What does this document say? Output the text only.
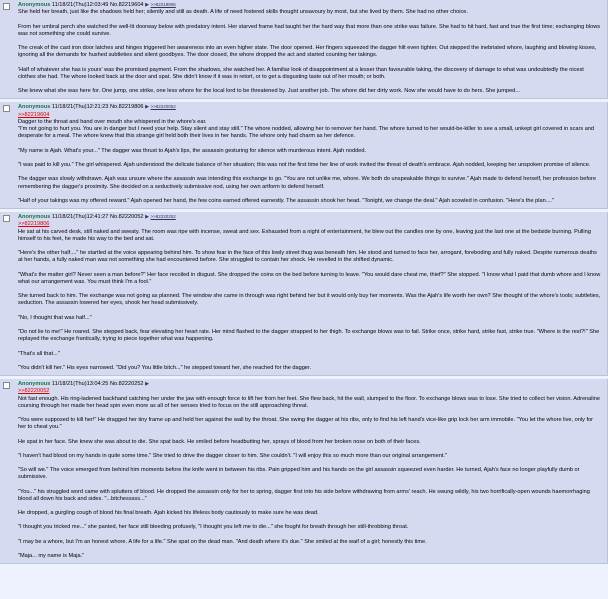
Anonymous 11/18/21(Thu)12:03:49 No.82219604 ▶ >>82219806

She held her breath, just like the shadows held her; silently and still as death. A life of need fostered skills thought unsavoury by most, but she lived by them. She had no other choice.

From her umbral perch she watched the well-lit doorway below with predatory intent. Her starved frame had taught her the hard way that more than one strike was failure. She had to hit hard, fast and true the first time; exchanging blows was not something she could survive.

The creak of the cast iron door latches and hinges triggered her awareness into an even higher state. The door opened. Her fingers squeezed the dagger hilt even tighter. Out stepped the inebriated whore, laughing and blowing kisses, ignoring all the demands for hushed subtleties and silent goodbyes. The door closed, the whore dropped the act and started counting her takings.

'Half of whatever she has is yours' was the promised payment. From the shadows, she watched her. A familiar look of disappointment at a lesser than favourable taking, the discovery of damage to what was undoubtedly the nicest clothes she had. The whore looked back at the door and spat. She didn't know if it was in retort, or to get a disgusting taste out of her mouth; or both.

She knew what she was here for. One jump, one strike, one less whore for the local lord to be threatened by. Just another job. The whore did her dirty work. Now she would have to do hers. She jumped...

Anonymous 11/18/21(Thu)12:21:23 No.82219806 ▶ >>82220052
>>82219604

Dagger to the throat and hand over mouth she whispered in the whore's ear.
"I'm not going to hurt you. You are in danger but I need your help. Stay silent and stay still." The whore nodded, allowing her to remover her hand. The whore turned to her would-be-killer to see a small, unkept girl covered in scars and desperate for a meal. The whore knew that this strange girl held both their lives in her hands. The whore only had charm as her defence.

"My name is Ajah. What's your..." The dagger was thrust to Ajah's lips, the assassin gesturing for silence with murderous intent. Ajah nodded.

"I was paid to kill you." The girl whispered. Ajah understood the delicate balance of her situation; this was not the first time her line of work invited the threat of death's embrace. Ajah nodded, keeping her unspoken promise of silence.

The dagger was slowly withdrawn. Ajah was unsure where the assassin was intending this exchange to go. "You are not unlike me, whore. We both do unspeakable things to survive." Ajah made to defend herself, her profession before remembering the dagger's proximity. She decided on a seductively submissive nod, using her own artform to defend herself.

"Half of your takings was my offered reward." Ajah opened her hand, the few coins earned offered earnestly. The assassin shook her head. "Tonight, we change the deal." Ajah scowled in confusion. "Here's the plan...."

Anonymous 11/18/21(Thu)12:41:27 No.82220052 ▶ >>82220252
>>82219806

He sat at his carved desk, still naked and sweaty. The room was ripe with incense, sweat and sex. Exhausted from a night of entertainment, he blew out the candles one by one, leaving just the last one at the bedside burning. Pulling himself to his feet, he made his way to the bed and sat.

"Here's the other half...." he startled at the voice appearing behind him. To show fear in the face of this lowly street thug was beneath him. He stood and turned to face her, arrogant, foreboding and fully naked. Despite numerous deaths at her hands, a fully naked man was not something she had encountered before. She struggled to contain her shock. He revelled in the shifted dynamic.

"What's the matter girl? Never seen a man before?" Her face recoiled in disgust. She dropped the coins on the bed before turning to leave. "You would dare cheat me, thief?" She stopped. "I know what I paid that dumb whore and I know what our arrangement was. You must think I'm a fool."

She turned back to him. The exchange was not going as planned. The window she came in through was right behind her but it would only buy her moments. Was the Ajah's life worth her own? She thought of the whore's tools; subtleties, seduction. The assassin lowered her eyes, shook her head submissively.

"No, I thought that was half..."

"Do not lie to me!" He roared. She stepped back, fear elevating her heart rate. Her mind flashed to the dagger strapped to her thigh. To exchange blows was to fail. Strike once, strike hard, strike fast, strike true. "Where is the rest?!" She replayed the exchange frantically, trying to piece together what was happening.

"That's all that..."

"You didn't kill her." His eyes narrowed. "Did you? You little bitch..." he stepped toward her, she reached for the dagger.

Anonymous 11/18/21(Thu)13:04:25 No.82220252 ▶
>>82220052

Not fast enough. His ring-ladened backhand catching her under the jaw with enough force to lift her from her feet. She flew back, hit the wall, slumped to the floor. To exchange blows was to lose. She tried to collect her vision. Adrenaline coursing through her made her head spin even more as all of her senses tried to focus on the still approaching threat.

"You were supposed to kill her!" He dragged her tiny frame up and held her against the wall by the throat. She swing the dagger at his ribs, only to find his left hand's vice-like grip lock her arm immobile. "You let the whore live, only for her to cheat you."

He spat in her face. She knew she was about to die. She spat back. He smiled before headbutting her, sprays of blood from her broken nose on both of their faces.

"I haven't had blood on my hands in quite some time." She tried to drive the dagger closer to him. She couldn't. "I will enjoy this so much more than our original arrangement."

"So will we." The voice emerged from behind him moments before the knife went in between his ribs. Pain gripped him and his hands on the girl assassin squeezed even harder. He turned, Ajah's face no longer playfully dumb or submissive.

"You..." his struggled word came with splutters of blood. He dropped the assassin only for her to spring, dagger first into his side before withdrawing from arms' reach. He swung wildly, his two horrifically-open wounds haemorrhaging blood all down his back and sides. "...bitchesssss..."

He dropped, a gurgling cough of blood his final breath. Ajah kicked his lifeless body cautiously to make sure he was dead.

"I thought you tricked me..." she panted, her face still bleeding profusely, "I thought you left me to die..." she fought for breath through her still-throbbing throat.

"I may be a whore, but I'm an honest whore. A life for a life." She spat on the dead man. "And death where it's due." She smiled at the waif of a girl; honestly this time.

"Maja... my name is Maja."
